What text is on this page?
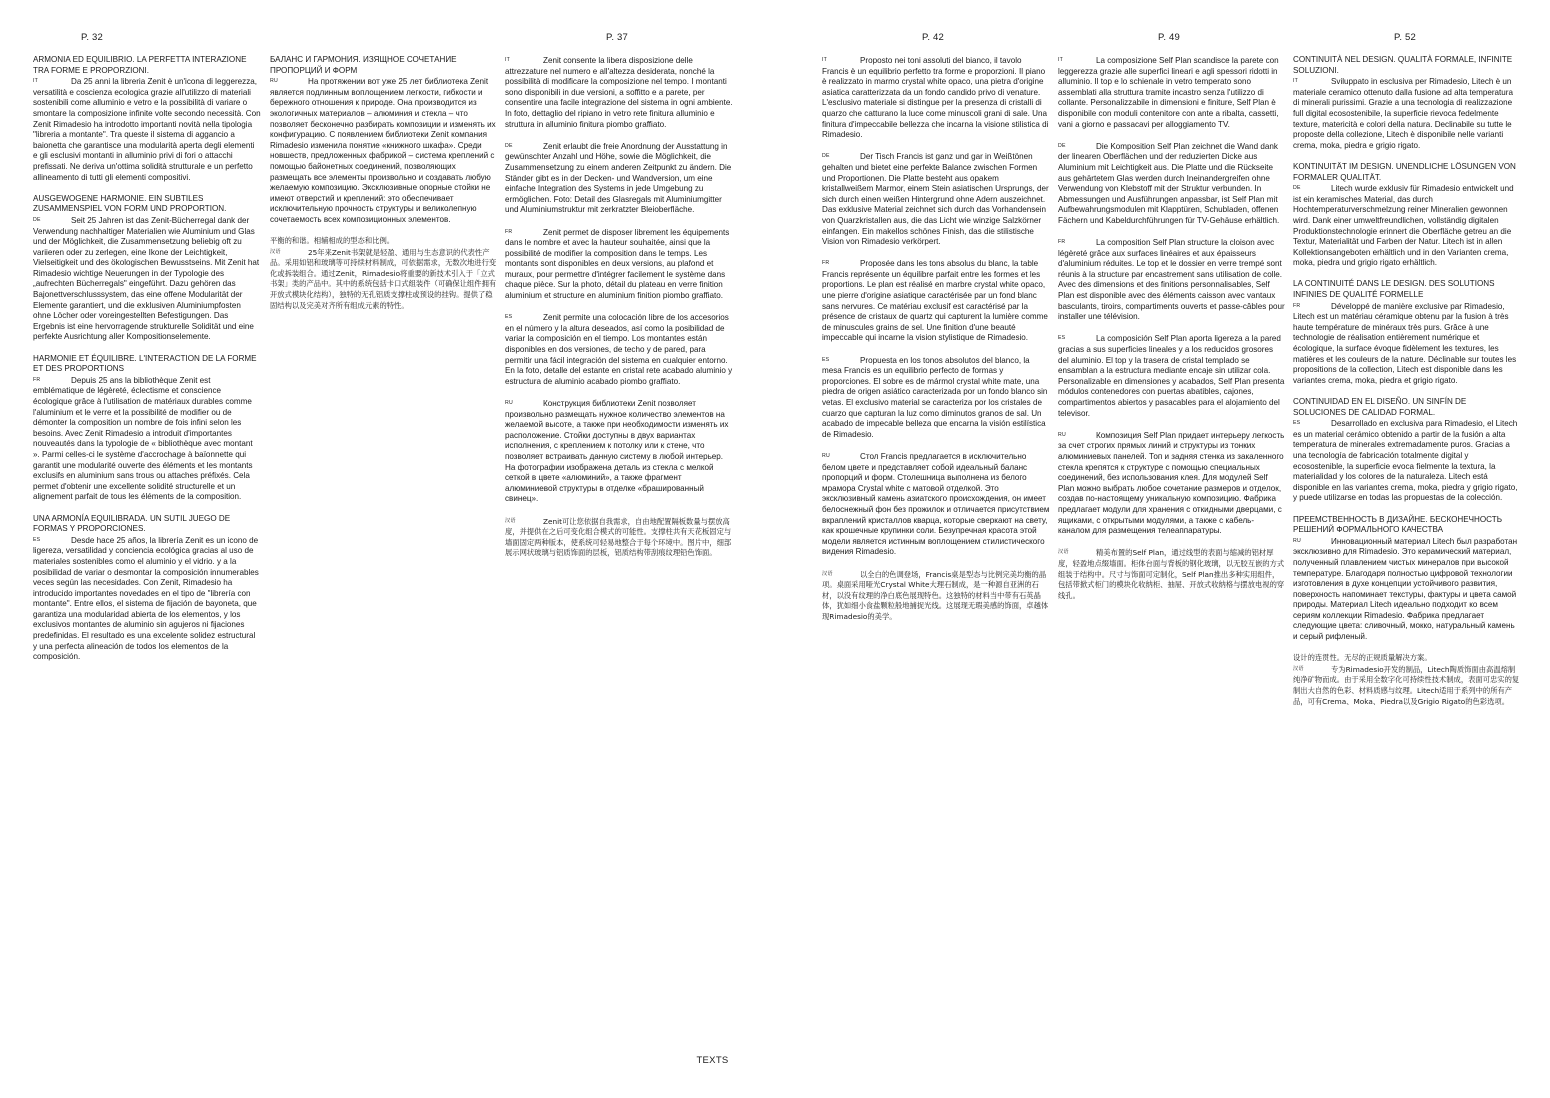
P. 32	P. 37	P. 42	P. 49	P. 52
ARMONIA ED EQUILIBRIO. LA PERFETTA INTERAZIONE TRA FORME E PROPORZIONI.

IT	Da 25 anni la libreria Zenit è un'icona di leggerezza, versatilità e coscienza ecologica grazie all'utilizzo di materiali sostenibili come alluminio e vetro e la possibilità di variare o smontare la composizione infinite volte secondo necessità. Con Zenit Rimadesio ha introdotto importanti novità nella tipologia "libreria a montante". Tra queste il sistema di aggancio a baionetta che garantisce una modularità aperta degli elementi e gli esclusivi montanti in alluminio privi di fori o attacchi prefissati. Ne deriva un'ottima solidità strutturale e un perfetto allineamento di tutti gli elementi compositivi.

AUSGEWOGENE HARMONIE. EIN SUBTILES ZUSAMMENSPIEL VON FORM UND PROPORTION.

DE	Seit 25 Jahren ist das Zenit-Bücherregal dank der Verwendung nachhaltiger Materialien wie Aluminium und Glas und der Möglichkeit, die Zusammensetzung beliebig oft zu variieren oder zu zerlegen, eine Ikone der Leichtigkeit, Vielseitigkeit und des ökologischen Bewusstseins. Mit Zenit hat Rimadesio wichtige Neuerungen in der Typologie des „aufrechten Bücherregals" eingeführt. Dazu gehören das Bajonettverschlusssystem, das eine offene Modularität der Elemente garantiert, und die exklusiven Aluminiumpfosten ohne Löcher oder voreingestellten Befestigungen. Das Ergebnis ist eine hervorragende strukturelle Solidität und eine perfekte Ausrichtung aller Kompositionselemente.

HARMONIE ET ÉQUILIBRE. L'INTERACTION DE LA FORME ET DES PROPORTIONS

FR	Depuis 25 ans la bibliothèque Zenit est emblématique de légèreté, éclectisme et conscience écologique grâce à l'utilisation de matériaux durables comme l'aluminium et le verre et la possibilité de modifier ou de démonter la composition un nombre de fois infini selon les besoins. Avec Zenit Rimadesio a introduit d'importantes nouveautés dans la typologie de « bibliothèque avec montant ». Parmi celles-ci le système d'accrochage à baïonnette qui garantit une modularité ouverte des éléments et les montants exclusifs en aluminium sans trous ou attaches préfixés. Cela permet d'obtenir une excellente solidité structurelle et un alignement parfait de tous les éléments de la composition.

UNA ARMONÍA EQUILIBRADA. UN SUTIL JUEGO DE FORMAS Y PROPORCIONES.

ES	Desde hace 25 años, la librería Zenit es un icono de ligereza, versatilidad y conciencia ecológica gracias al uso de materiales sostenibles como el aluminio y el vidrio. y a la posibilidad de variar o desmontar la composición innumerables veces según las necesidades. Con Zenit, Rimadesio ha introducido importantes novedades en el tipo de "librería con montante". Entre ellos, el sistema de fijación de bayoneta, que garantiza una modularidad abierta de los elementos, y los exclusivos montantes de aluminio sin agujeros ni fijaciones predefinidas. El resultado es una excelente solidez estructural y una perfecta alineación de todos los elementos de la composición.

БАЛАНС И ГАРМОНИЯ. ИЗЯЩНОЕ СОЧЕТАНИЕ ПРОПОРЦИЙ И ФОРМ

RU	На протяжении вот уже 25 лет библиотека Zenit является подлинным воплощением легкости, гибкости и бережного отношения к природе. Она производится из экологичных материалов – алюминия и стекла – что позволяет бесконечно разбирать композиции и изменять их конфигурацию. С появлением библиотеки Zenit компания Rimadesio изменила понятие «книжного шкафа». Среди новшеств, предложенных фабрикой – система креплений с помощью байонетных соединений, позволяющих размещать все элементы произвольно и создавать любую желаемую композицию. Эксклюзивные опорные стойки не имеют отверстий и креплений: это обеспечивает исключительную прочность структуры и великолепную сочетаемость всех композиционных элементов.

平衡的和谐。相辅相成的型态和比例。

汉语	25年来Zenit书架就是轻盈、通用与生态意识的代表性产品。采用如铝和玻璃等可持续材料制成，可依据需求，无数次地进行变化或拆装组合。通过Zenit，Rimadesio将重要的新技术引入于「立式书架」类的产品中。其中的系统包括卡口式组装件（可确保让组件拥有开放式模块化结构），独特的无孔铝质支撑柱或预设的挂钩。提供了稳固结构以及完美对齐所有组成元素的特性。

IT	Zenit consente la libera disposizione delle attrezzature nel numero e all'altezza desiderata, nonché la possibilità di modificare la composizione nel tempo. I montanti sono disponibili in due versioni, a soffitto e a parete, per consentire una facile integrazione del sistema in ogni ambiente. In foto, dettaglio del ripiano in vetro rete finitura alluminio e struttura in alluminio finitura piombo graffiato.

DE	Zenit erlaubt die freie Anordnung der Ausstattung in gewünschter Anzahl und Höhe, sowie die Möglichkeit, die Zusammensetzung zu einem anderen Zeitpunkt zu ändern. Die Ständer gibt es in der Decken- und Wandversion, um eine einfache Integration des Systems in jede Umgebung zu ermöglichen. Foto: Detail des Glasregals mit Aluminiumgitter und Aluminiumstruktur mit zerkratzter Bleioberfläche.

FR	Zenit permet de disposer librement les équipements dans le nombre et avec la hauteur souhaitée, ainsi que la possibilité de modifier la composition dans le temps. Les montants sont disponibles en deux versions, au plafond et muraux, pour permettre d'intégrer facilement le système dans chaque pièce. Sur la photo, détail du plateau en verre finition aluminium et structure en aluminium finition piombo graffiato.

ES	Zenit permite una colocación libre de los accesorios en el número y la altura deseados, así como la posibilidad de variar la composición en el tiempo. Los montantes están disponibles en dos versiones, de techo y de pared, para permitir una fácil integración del sistema en cualquier entorno. En la foto, detalle del estante en cristal rete acabado aluminio y estructura de aluminio acabado piombo graffiato.

RU	Конструкция библиотеки Zenit позволяет произвольно размещать нужное количество элементов на желаемой высоте, а также при необходимости изменять их расположение. Стойки доступны в двух вариантах исполнения, с креплением к потолку или к стене, что позволяет встраивать данную систему в любой интерьер. На фотографии изображена деталь из стекла с мелкой сеткой в цвете «алюминий», а также фрагмент алюминиевой структуры в отделке «брашированный свинец».

汉语	Zenit可让您依据自我需求，自由地配置隔板数量与摆放高度，并提供在之后可变化组合模式的可能性。支撑柱共有天花板固定与墙面固定两种版本，使系统可轻易地整合于每个环境中。图片中，细部展示网状玻璃与铝质饰面的层板，铝质结构带刮痕纹理铅色饰面。

IT	Proposto nei toni assoluti del bianco, il tavolo Francis è un equilibrio perfetto tra forme e proporzioni. Il piano è realizzato in marmo crystal white opaco, una pietra d'origine asiatica caratterizzata da un fondo candido privo di venature. L'esclusivo materiale si distingue per la presenza di cristalli di quarzo che catturano la luce come minuscoli grani di sale. Una finitura d'impeccabile bellezza che incarna la visione stilistica di Rimadesio.

DE	Der Tisch Francis ist ganz und gar in Weißtönen gehalten und bietet eine perfekte Balance zwischen Formen und Proportionen. Die Platte besteht aus opakem kristallweißem Marmor, einem Stein asiatischen Ursprungs, der sich durch einen weißen Hintergrund ohne Adern auszeichnet. Das exklusive Material zeichnet sich durch das Vorhandensein von Quarzkristallen aus, die das Licht wie winzige Salzkörner einfangen. Ein makellos schönes Finish, das die stilistische Vision von Rimadesio verkörpert.

FR	Proposée dans les tons absolus du blanc, la table Francis représente un équilibre parfait entre les formes et les proportions. Le plan est réalisé en marbre crystal white opaco, une pierre d'origine asiatique caractérisée par un fond blanc sans nervures. Ce matériau exclusif est caractérisé par la présence de cristaux de quartz qui capturent la lumière comme de minuscules grains de sel. Une finition d'une beauté impeccable qui incarne la vision stylistique de Rimadesio.

ES	Propuesta en los tonos absolutos del blanco, la mesa Francis es un equilibrio perfecto de formas y proporciones. El sobre es de mármol crystal white mate, una piedra de origen asiático caracterizada por un fondo blanco sin vetas. El exclusivo material se caracteriza por los cristales de cuarzo que capturan la luz como diminutos granos de sal. Un acabado de impecable belleza que encarna la visión estilística de Rimadesio.

RU	Стол Francis предлагается в исключительно белом цвете и представляет собой идеальный баланс пропорций и форм. Столешница выполнена из белого мрамора Crystal white с матовой отделкой. Это эксклюзивный камень азиатского происхождения, он имеет белоснежный фон без прожилок и отличается присутствием вкраплений кристаллов кварца, которые сверкают на свету, как крошечные крупинки соли. Безупречная красота этой модели является истинным воплощением стилистического видения Rimadesio.

汉语	以全白的色调登场，Francis桌是型态与比例完美均衡的晶项。桌面采用哑光Crystal White大理石制成，是一种源自亚洲的石材，以没有纹理的净白底色展现特色。这独特的材料当中带有石英晶体，犹如细小食盐颗粒般地捕捉光线。这展现无瑕美感的饰面，卓越体现Rimadesio的美学。

IT	La composizione Self Plan scandisce la parete con leggerezza grazie alle superfici lineari e agli spessori ridotti in alluminio. Il top e lo schienale in vetro temperato sono assemblati alla struttura tramite incastro senza l'utilizzo di collante. Personalizzabile in dimensioni e finiture, Self Plan è disponibile con moduli contenitore con ante a ribalta, cassetti, vani a giorno e passacavi per alloggiamento TV.

DE	Die Komposition Self Plan zeichnet die Wand dank der linearen Oberflächen und der reduzierten Dicke aus Aluminium mit Leichtigkeit aus. Die Platte und die Rückseite aus gehärtetem Glas werden durch Ineinandergreifen ohne Verwendung von Klebstoff mit der Struktur verbunden. In Abmessungen und Ausführungen anpassbar, ist Self Plan mit Aufbewahrungsmodulen mit Klapptüren, Schubladen, offenen Fächern und Kabeldurchführungen für TV-Gehäuse erhältlich.

FR	La composition Self Plan structure la cloison avec légèreté grâce aux surfaces linéaires et aux épaisseurs d'aluminium réduites. Le top et le dossier en verre trempé sont réunis à la structure par encastrement sans utilisation de colle. Avec des dimensions et des finitions personnalisables, Self Plan est disponible avec des éléments caisson avec vantaux basculants, tiroirs, compartiments ouverts et passe-câbles pour installer une télévision.

ES	La composición Self Plan aporta ligereza a la pared gracias a sus superficies lineales y a los reducidos grosores del aluminio. El top y la trasera de cristal templado se ensamblan a la estructura mediante encaje sin utilizar cola. Personalizable en dimensiones y acabados, Self Plan presenta módulos contenedores con puertas abatibles, cajones, compartimentos abiertos y pasacables para el alojamiento del televisor.

RU	Композиция Self Plan придает интерьеру легкость за счет строгих прямых линий и структуры из тонких алюминиевых панелей. Топ и задняя стенка из закаленного стекла крепятся к структуре с помощью специальных соединений, без использования клея. Для модулей Self Plan можно выбрать любое сочетание размеров и отделок, создав по-настоящему уникальную композицию. Фабрика предлагает модули для хранения с откидными дверцами, с ящиками, с открытыми модулями, а также с кабель-каналом для размещения телеаппаратуры.

汉语	精美布置的Self Plan，通过线型的表面与缩减的铝材厚度，轻盈地点缀墙面。柜体台面与背板的钢化玻璃，以无胶互嵌的方式组装于结构中。尺寸与饰面可定制化，Self Plan推出多种实用组件，包括带掀式柜门的模块化收纳柜、抽屉、开放式收纳格与摆放电视的穿线孔。

CONTINUITÀ NEL DESIGN. QUALITÀ FORMALE, INFINITE SOLUZIONI.

IT	Sviluppato in esclusiva per Rimadesio, Litech è un materiale ceramico ottenuto dalla fusione ad alta temperatura di minerali purissimi. Grazie a una tecnologia di realizzazione full digital ecosostenibile, la superficie rievoca fedelmente texture, matericità e colori della natura. Declinabile su tutte le proposte della collezione, Litech è disponibile nelle varianti crema, moka, piedra e grigio rigato.

KONTINUITÄT IM DESIGN. UNENDLICHE LÖSUNGEN VON FORMALER QUALITÄT.

DE	Litech wurde exklusiv für Rimadesio entwickelt und ist ein keramisches Material, das durch Hochtemperaturverschmelzung reiner Mineralien gewonnen wird. Dank einer umweltfreundlichen, vollständig digitalen Produktionstechnologie erinnert die Oberfläche getreu an die Textur, Materialität und Farben der Natur. Litech ist in allen Kollektionsangeboten erhältlich und in den Varianten crema, moka, piedra und grigio rigato erhältlich.

LA CONTINUITÉ DANS LE DESIGN. DES SOLUTIONS INFINIES DE QUALITÉ FORMELLE

FR	Développé de manière exclusive par Rimadesio, Litech est un matériau céramique obtenu par la fusion à très haute température de minéraux très purs. Grâce à une technologie de réalisation entièrement numérique et écologique, la surface évoque fidèlement les textures, les matières et les couleurs de la nature. Déclinable sur toutes les propositions de la collection, Litech est disponible dans les variantes crema, moka, piedra et grigio rigato.

CONTINUIDAD EN EL DISEÑO. UN SINFÍN DE SOLUCIONES DE CALIDAD FORMAL.

ES	Desarrollado en exclusiva para Rimadesio, el Litech es un material cerámico obtenido a partir de la fusión a alta temperatura de minerales extremadamente puros. Gracias a una tecnología de fabricación totalmente digital y ecosostenible, la superficie evoca fielmente la textura, la materialidad y los colores de la naturaleza. Litech está disponible en las variantes crema, moka, piedra y grigio rigato, y puede utilizarse en todas las propuestas de la colección.

ПРЕЕМСТВЕННОСТЬ В ДИЗАЙНЕ. БЕСКОНЕЧНОСТЬ РЕШЕНИЙ ФОРМАЛЬНОГО КАЧЕСТВА

RU	Инновационный материал Litech был разработан эксклюзивно для Rimadesio. Это керамический материал, полученный плавлением чистых минералов при высокой температуре. Благодаря полностью цифровой технологии изготовления в духе концепции устойчивого развития, поверхность напоминает текстуры, фактуры и цвета самой природы. Материал Litech идеально подходит ко всем сериям коллекции Rimadesio. Фабрика предлагает следующие цвета: сливочный, мокко, натуральный камень и серый рифленый.

设计的连贯性。无尽的正规质量解决方案。

汉语	专为Rimadesio开发的制品，Litech陶质饰面由高温熔制纯净矿物而成。由于采用全数字化可持续性技术制成，表面可忠实的复制出大自然的色彩、材料质感与纹理。Litech适用于系列中的所有产品，可有Crema、Moka、Piedra以及Grigio Rigato的色彩选项。

TEXTS
